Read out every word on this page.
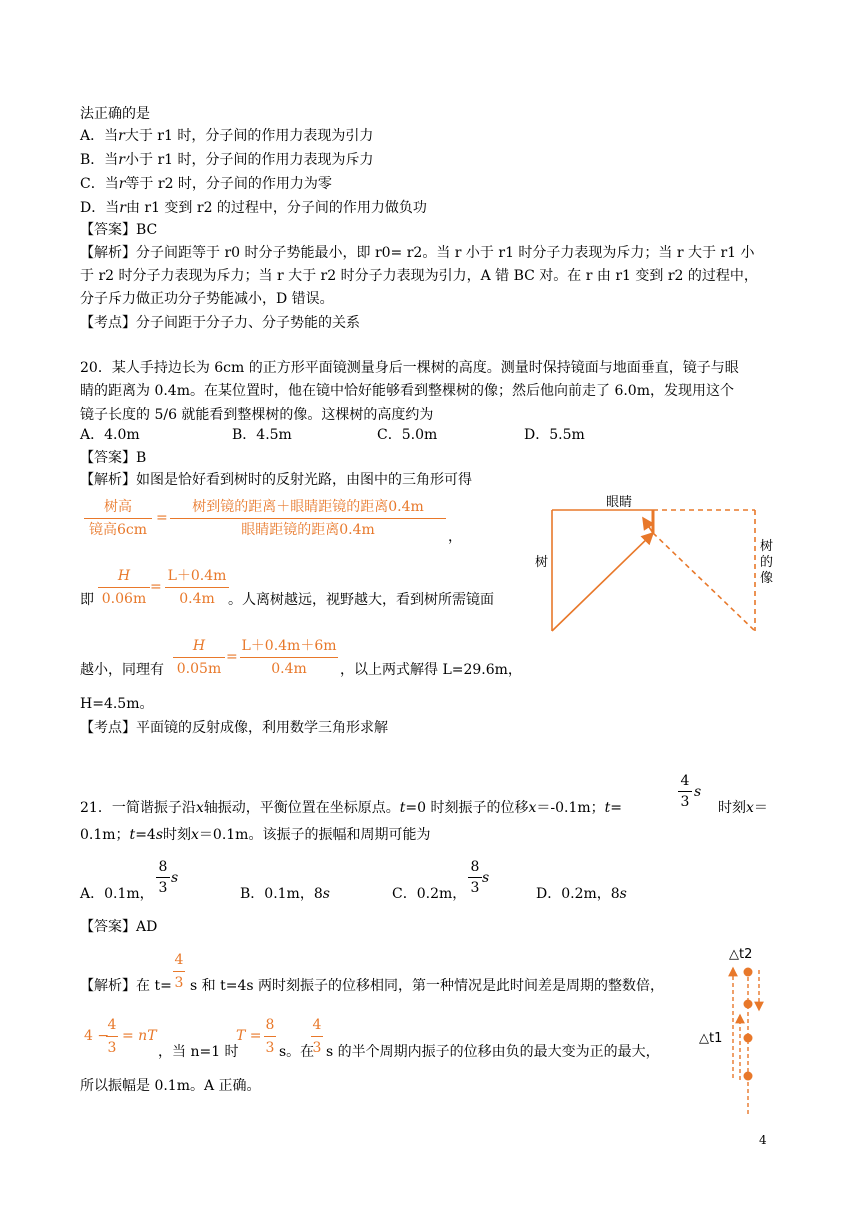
法正确的是
A．当r大于 r1 时，分子间的作用力表现为引力
B．当r小于 r1 时，分子间的作用力表现为斥力
C．当r等于 r2 时，分子间的作用力为零
D．当r由 r1 变到 r2 的过程中，分子间的作用力做负功
【答案】BC
【解析】分子间距等于 r0 时分子势能最小，即 r0= r2。当 r 小于 r1 时分子力表现为斥力；当 r 大于 r1 小
于 r2 时分子力表现为斥力；当 r 大于 r2 时分子力表现为引力，A 错 BC 对。在 r 由 r1 变到 r2 的过程中，
分子斥力做正功分子势能减小，D 错误。
【考点】分子间距于分子力、分子势能的关系
20．某人手持边长为 6cm 的正方形平面镜测量身后一棵树的高度。测量时保持镜面与地面垂直，镜子与眼
睛的距离为 0.4m。在某位置时，他在镜中恰好能够看到整棵树的像；然后他向前走了 6.0m，发现用这个
镜子长度的 5/6 就能看到整棵树的像。这棵树的高度约为
A．4.0m	B．4.5m	C．5.0m	D．5.5m
【答案】B
【解析】如图是恰好看到树时的反射光路，由图中的三角形可得
树高
镜高6cm
=
树到镜的距离＋眼睛距镜的距离0.4m
眼睛距镜的距离0.4m	，
即
H
0.06m
=
L＋0.4m
0.4m 。人离树越远，视野越大，看到树所需镜面
越小，同理有
H
0.05m
=
L＋0.4m＋6m
0.4m	，以上两式解得 L=29.6m，
H=4.5m。
【考点】平面镜的反射成像，利用数学三角形求解
眼睛
树
树
的
像
21．一简谐振子沿x轴振动，平衡位置在坐标原点。t=0 时刻振子的位移x＝-0.1m；t=
4
3
s
时刻x＝
0.1m；t=4s时刻x＝0.1m。该振子的振幅和周期可能为
A．0.1m，
8
3
s
B．0.1m，8s	C．0.2m，
8
3
s
D．0.2m，8s
【答案】AD
【解析】在 t=
4
3 s 和 t=4s 两时刻振子的位移相同，第一种情况是此时间差是周期的整数倍，
4 −
4
3
= nT
，当 n=1 时
T =
8
3 s。在
4
3 s 的半个周期内振子的位移由负的最大变为正的最大，
所以振幅是 0.1m。A 正确。
△t2
△t1
4
